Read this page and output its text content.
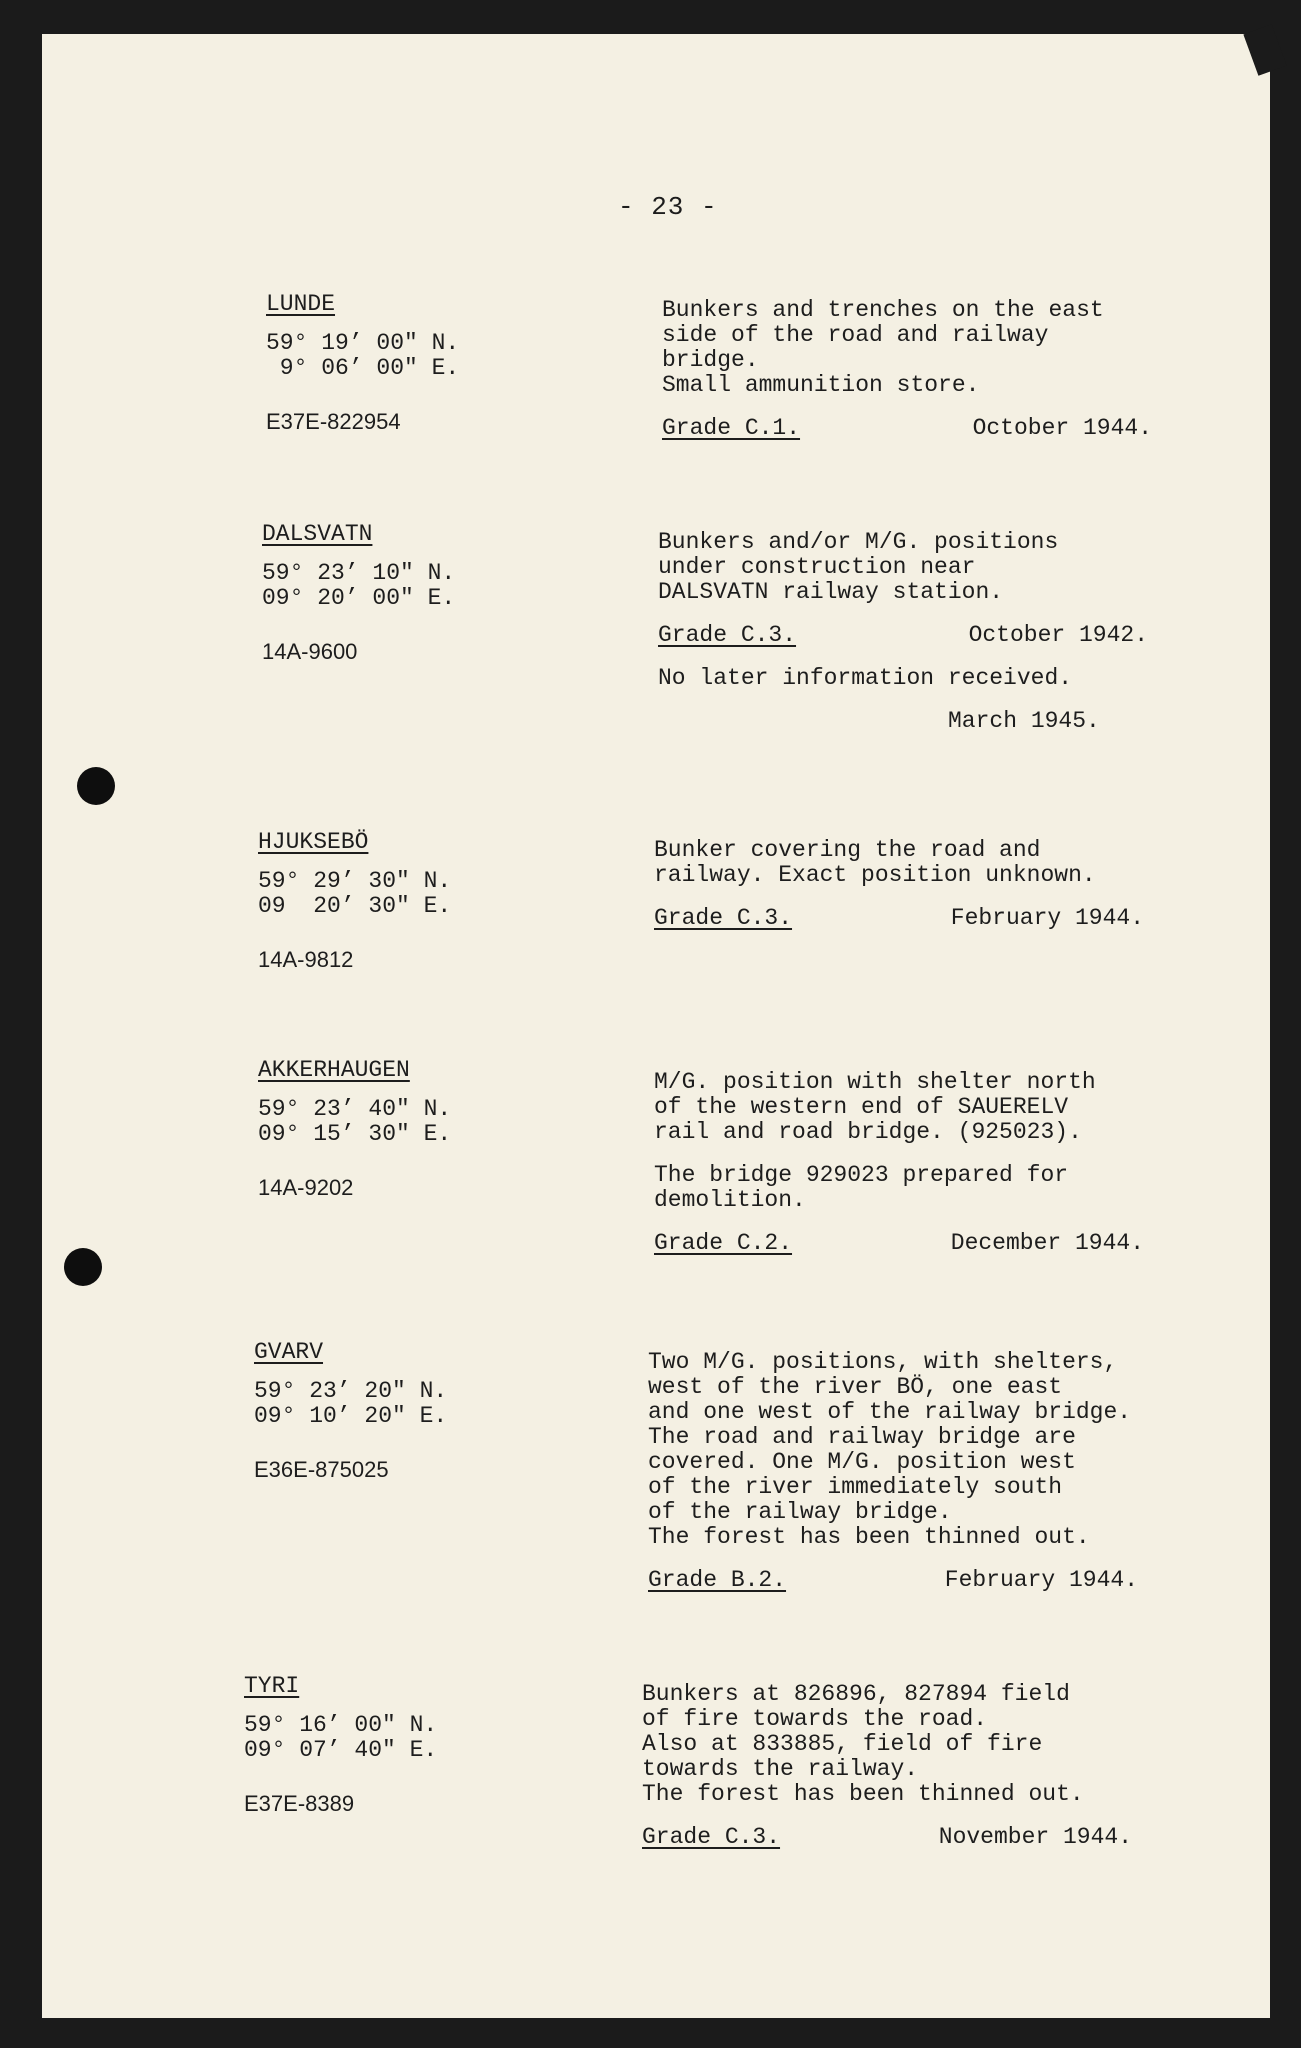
- 23 -
LUNDE
59° 19’ 00" N.
9° 06’ 00" E.
E37E-822954
Bunkers and trenches on the east
side of the road and railway
bridge.
Small ammunition store.
Grade C.1.	October 1944.
DALSVATN
59° 23’ 10" N.
09° 20’ 00" E.
14A-9600
Bunkers and/or M/G. positions
under construction near
DALSVATN railway station.
Grade C.3.	October 1942.
No later information received.
March 1945.
HJUKSEBÖ
59° 29’ 30" N.
09  20’ 30" E.
14A-9812
Bunker covering the road and
railway. Exact position unknown.
Grade C.3.	February 1944.
AKKERHAUGEN
59° 23’ 40" N.
09° 15’ 30" E.
14A-9202
M/G. position with shelter north
of the western end of SAUERELV
rail and road bridge. (925023).
The bridge 929023 prepared for
demolition.
Grade C.2.	December 1944.
GVARV
59° 23’ 20" N.
09° 10’ 20" E.
E36E-875025
Two M/G. positions, with shelters,
west of the river BÖ, one east
and one west of the railway bridge.
The road and railway bridge are
covered. One M/G. position west
of the river immediately south
of the railway bridge.
The forest has been thinned out.
Grade B.2.	February 1944.
TYRI
59° 16’ 00" N.
09° 07’ 40" E.
E37E-8389
Bunkers at 826896, 827894 field
of fire towards the road.
Also at 833885, field of fire
towards the railway.
The forest has been thinned out.
Grade C.3.	November 1944.
